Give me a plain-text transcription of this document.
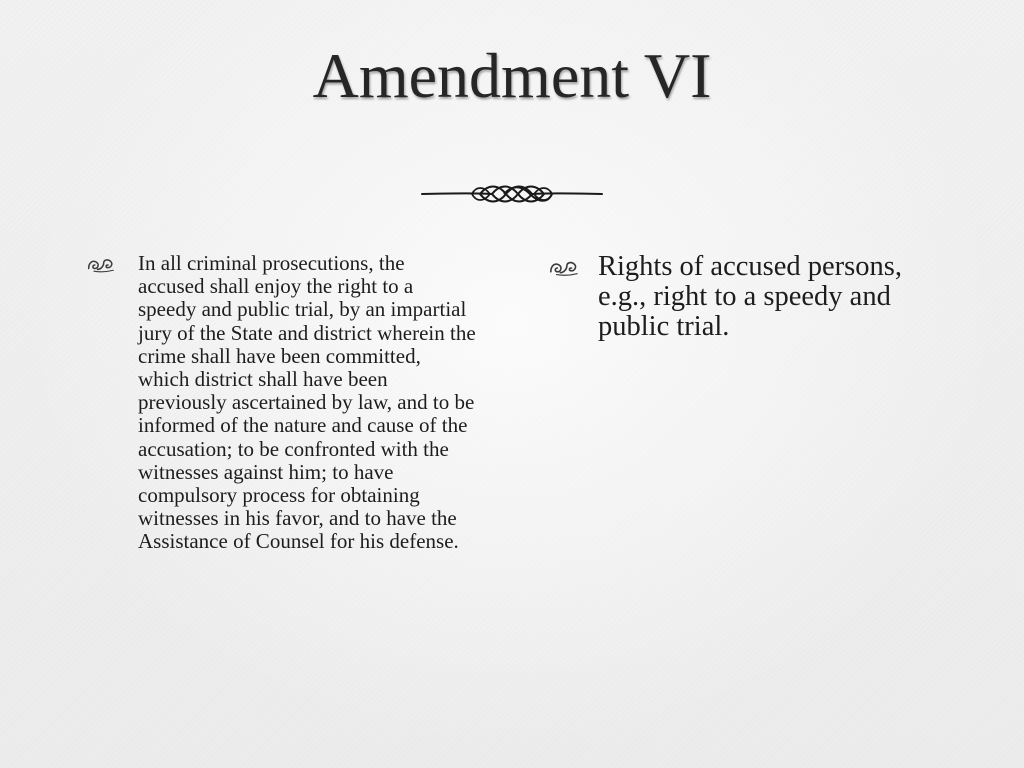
Amendment VI

In all criminal prosecutions, the accused shall enjoy the right to a speedy and public trial, by an impartial jury of the State and district wherein the crime shall have been committed, which district shall have been previously ascertained by law, and to be informed of the nature and cause of the accusation; to be confronted with the witnesses against him; to have compulsory process for obtaining witnesses in his favor, and to have the Assistance of Counsel for his defense.

Rights of accused persons, e.g., right to a speedy and public trial.
